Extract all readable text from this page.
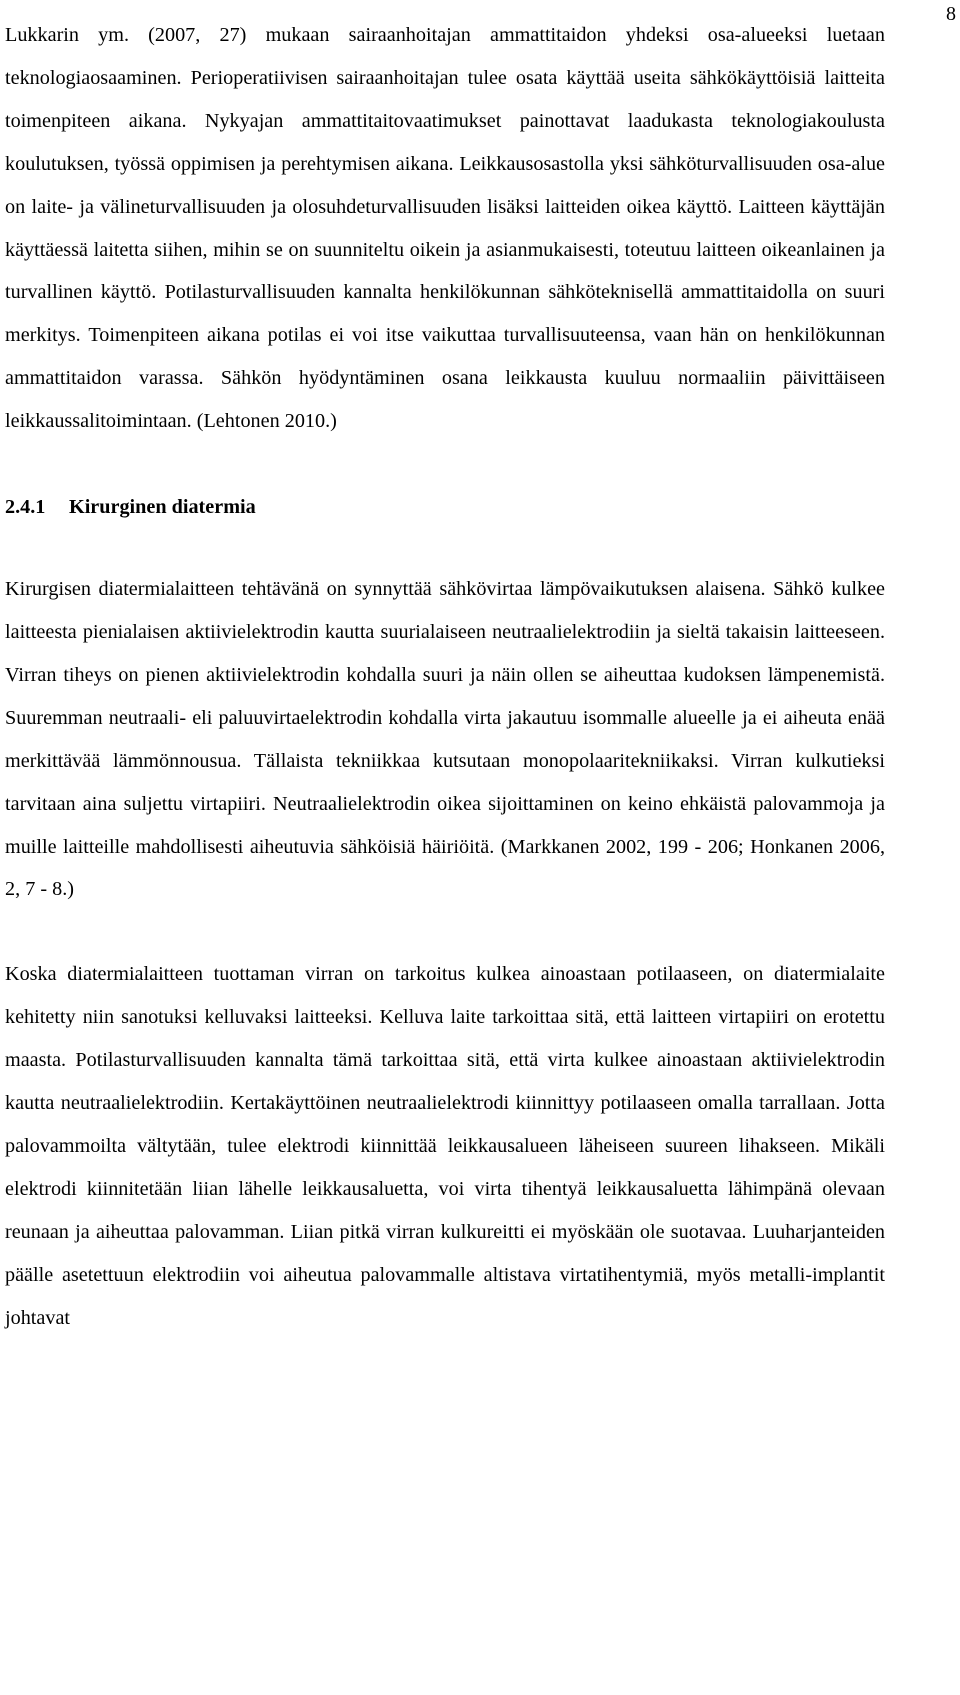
8

Lukkarin ym. (2007, 27) mukaan sairaanhoitajan ammattitaidon yhdeksi osa-alueeksi luetaan teknologiaosaaminen. Perioperatiivisen sairaanhoitajan tulee osata käyttää useita sähkökäyttöisiä laitteita toimenpiteen aikana. Nykyajan ammattitaitovaatimukset painottavat laadukasta teknologiakoulusta koulutuksen, työssä oppimisen ja perehtymisen aikana. Leikkausosastolla yksi sähköturvallisuuden osa-alue on laite- ja välineturvallisuuden ja olosuhdeturvallisuuden lisäksi laitteiden oikea käyttö. Laitteen käyttäjän käyttäessä laitetta siihen, mihin se on suunniteltu oikein ja asianmukaisesti, toteutuu laitteen oikeanlainen ja turvallinen käyttö. Potilasturvallisuuden kannalta henkilökunnan sähköteknisellä ammattitaidolla on suuri merkitys. Toimenpiteen aikana potilas ei voi itse vaikuttaa turvallisuuteensa, vaan hän on henkilökunnan ammattitaidon varassa. Sähkön hyödyntäminen osana leikkausta kuuluu normaaliin päivittäiseen leikkaussalitoimintaan. (Lehtonen 2010.)

2.4.1 Kirurginen diatermia

Kirurgisen diatermialaitteen tehtävänä on synnyttää sähkövirtaa lämpövaikutuksen alaisena. Sähkö kulkee laitteesta pienialaisen aktiivielektrodin kautta suurialaiseen neutraalielektrodiin ja sieltä takaisin laitteeseen. Virran tiheys on pienen aktiivielektrodin kohdalla suuri ja näin ollen se aiheuttaa kudoksen lämpenemistä. Suuremman neutraali- eli paluuvirtaelektrodin kohdalla virta jakautuu isommalle alueelle ja ei aiheuta enää merkittävää lämmönnousua. Tällaista tekniikkaa kutsutaan monopolaaritekniikaksi. Virran kulkutieksi tarvitaan aina suljettu virtapiiri. Neutraalielektrodin oikea sijoittaminen on keino ehkäistä palovammoja ja muille laitteille mahdollisesti aiheutuvia sähköisiä häiriöitä. (Markkanen 2002, 199 - 206; Honkanen 2006, 2, 7 - 8.)

Koska diatermialaitteen tuottaman virran on tarkoitus kulkea ainoastaan potilaaseen, on diatermialaite kehitetty niin sanotuksi kelluvaksi laitteeksi. Kelluva laite tarkoittaa sitä, että laitteen virtapiiri on erotettu maasta. Potilasturvallisuuden kannalta tämä tarkoittaa sitä, että virta kulkee ainoastaan aktiivielektrodin kautta neutraalielektrodiin. Kertakäyttöinen neutraalielektrodi kiinnittyy potilaaseen omalla tarrallaan. Jotta palovammoilta vältytään, tulee elektrodi kiinnittää leikkausalueen läheiseen suureen lihakseen. Mikäli elektrodi kiinnitetään liian lähelle leikkausaluetta, voi virta tihentyä leikkausaluetta lähimpänä olevaan reunaan ja aiheuttaa palovamman. Liian pitkä virran kulkureitti ei myöskään ole suotavaa. Luuharjanteiden päälle asetettuun elektrodiin voi aiheutua palovammalle altistava virtatihentymiä, myös metalli-implantit johtavat
